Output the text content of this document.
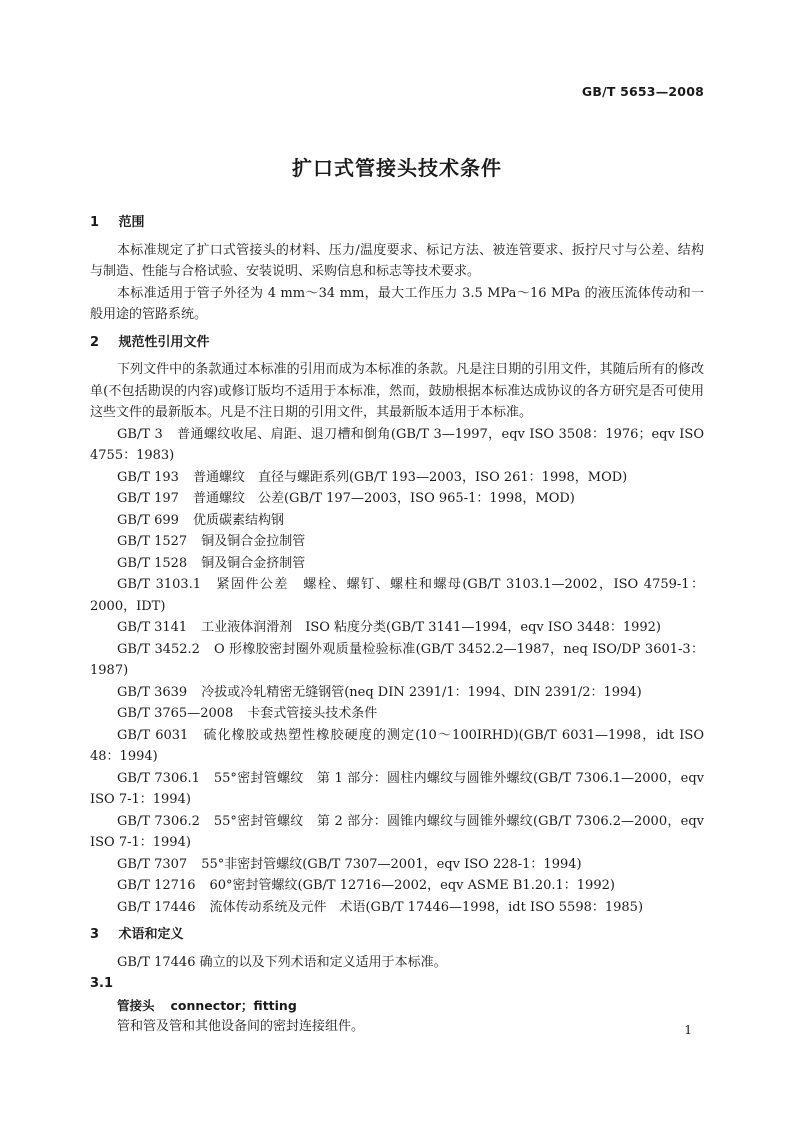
GB/T 5653—2008
扩口式管接头技术条件
1 范围

本标准规定了扩口式管接头的材料、压力/温度要求、标记方法、被连管要求、扳拧尺寸与公差、结构与制造、性能与合格试验、安装说明、采购信息和标志等技术要求。

本标准适用于管子外径为 4 mm～34 mm，最大工作压力 3.5 MPa～16 MPa 的液压流体传动和一般用途的管路系统。

2 规范性引用文件

下列文件中的条款通过本标准的引用而成为本标准的条款。凡是注日期的引用文件，其随后所有的修改单(不包括勘误的内容)或修订版均不适用于本标准，然而，鼓励根据本标准达成协议的各方研究是否可使用这些文件的最新版本。凡是不注日期的引用文件，其最新版本适用于本标准。

GB/T 3 普通螺纹收尾、肩距、退刀槽和倒角(GB/T 3—1997，eqv ISO 3508：1976；eqv ISO 4755：1983)

GB/T 193 普通螺纹　直径与螺距系列(GB/T 193—2003，ISO 261：1998，MOD)

GB/T 197 普通螺纹　公差(GB/T 197—2003，ISO 965-1：1998，MOD)

GB/T 699 优质碳素结构钢

GB/T 1527 铜及铜合金拉制管

GB/T 1528 铜及铜合金挤制管

GB/T 3103.1 紧固件公差　螺栓、螺钉、螺柱和螺母(GB/T 3103.1—2002，ISO 4759-1：2000，IDT)

GB/T 3141 工业液体润滑剂　ISO 粘度分类(GB/T 3141—1994，eqv ISO 3448：1992)

GB/T 3452.2 O 形橡胶密封圈外观质量检验标准(GB/T 3452.2—1987，neq ISO/DP 3601-3：1987)

GB/T 3639 冷拔或冷轧精密无缝钢管(neq DIN 2391/1：1994、DIN 2391/2：1994)

GB/T 3765—2008 卡套式管接头技术条件

GB/T 6031 硫化橡胶或热塑性橡胶硬度的测定(10～100IRHD)(GB/T 6031—1998，idt ISO 48：1994)

GB/T 7306.1 55°密封管螺纹　第 1 部分：圆柱内螺纹与圆锥外螺纹(GB/T 7306.1—2000，eqv ISO 7-1：1994)

GB/T 7306.2 55°密封管螺纹　第 2 部分：圆锥内螺纹与圆锥外螺纹(GB/T 7306.2—2000，eqv ISO 7-1：1994)

GB/T 7307 55°非密封管螺纹(GB/T 7307—2001，eqv ISO 228-1：1994)

GB/T 12716 60°密封管螺纹(GB/T 12716—2002，eqv ASME B1.20.1：1992)

GB/T 17446 流体传动系统及元件　术语(GB/T 17446—1998，idt ISO 5598：1985)

3 术语和定义

GB/T 17446 确立的以及下列术语和定义适用于本标准。

3.1

管接头 connector；fitting

管和管及管和其他设备间的密封连接组件。	1
